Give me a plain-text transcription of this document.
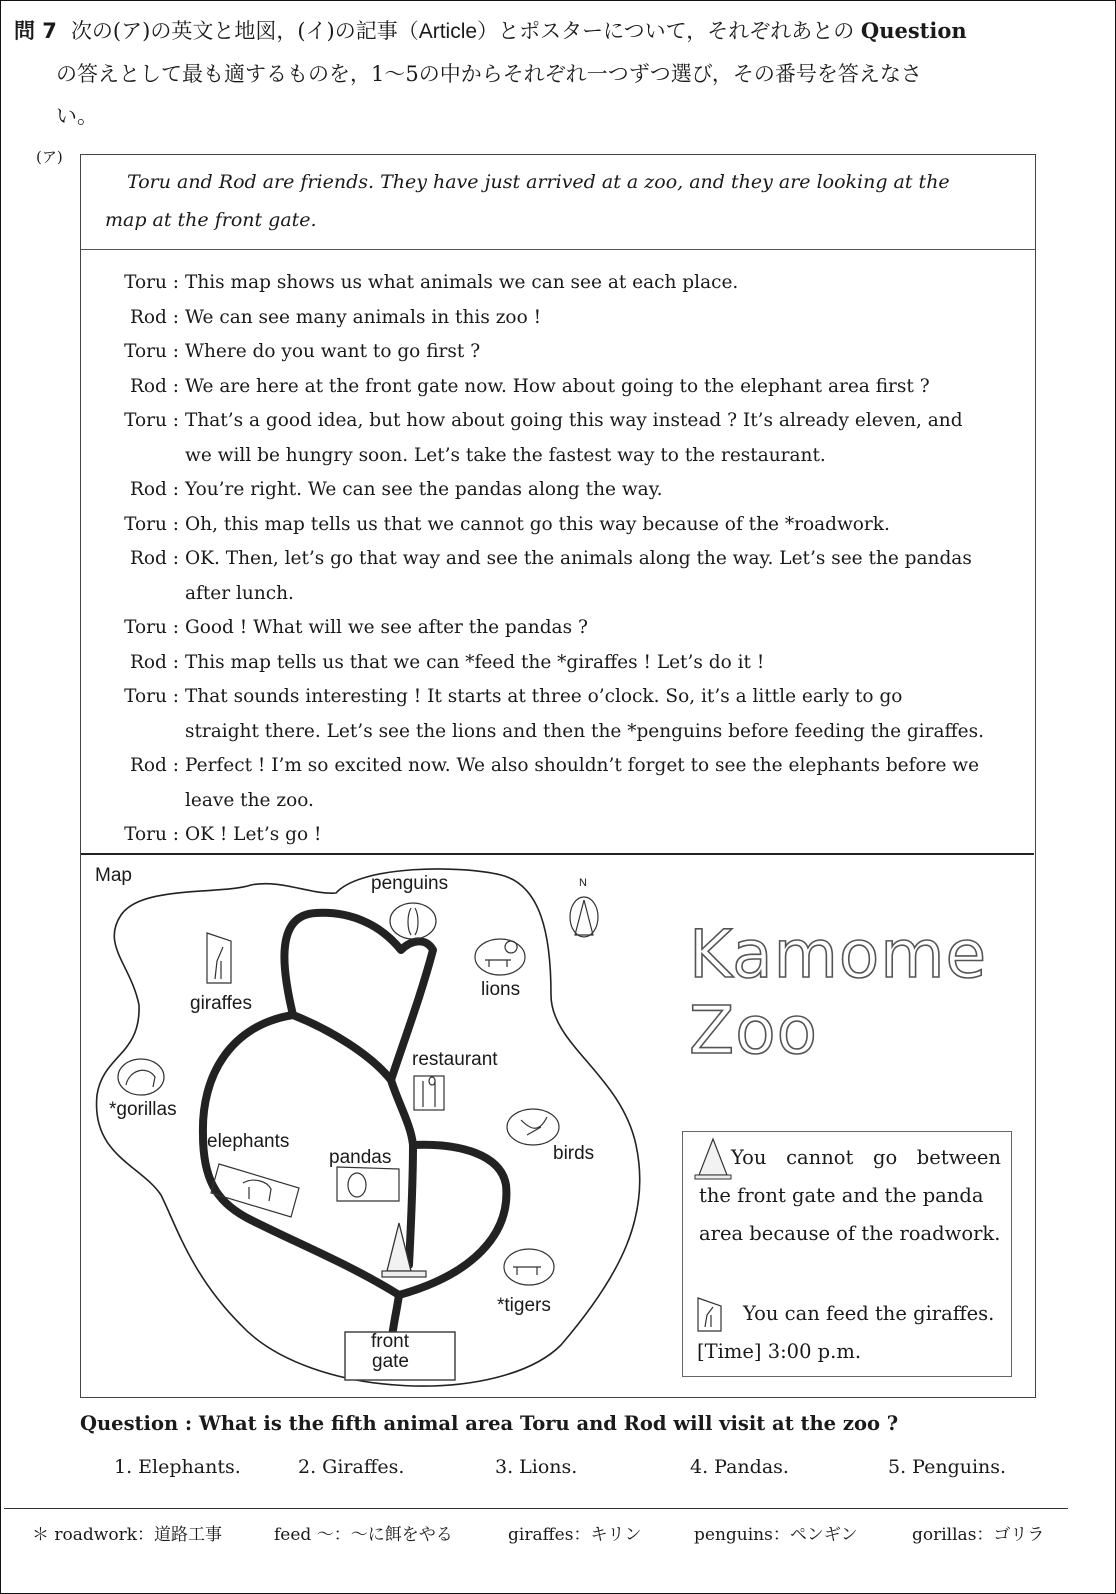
問 7 次の(ア)の英文と地図，(イ)の記事（Article）とポスターについて，それぞれあとの Question
の答えとして最も適するものを，1～5の中からそれぞれ一つずつ選び，その番号を答えなさ
い。
(ア)
Toru and Rod are friends. They have just arrived at a zoo, and they are looking at the
map at the front gate.
Toru : This map shows us what animals we can see at each place.
Rod : We can see many animals in this zoo !
Toru : Where do you want to go first ?
Rod : We are here at the front gate now. How about going to the elephant area first ?
Toru : That’s a good idea, but how about going this way instead ? It’s already eleven, and
we will be hungry soon. Let’s take the fastest way to the restaurant.
Rod : You’re right. We can see the pandas along the way.
Toru : Oh, this map tells us that we cannot go this way because of the *roadwork.
Rod : OK. Then, let’s go that way and see the animals along the way. Let’s see the pandas
after lunch.
Toru : Good ! What will we see after the pandas ?
Rod : This map tells us that we can *feed the *giraffes ! Let’s do it !
Toru : That sounds interesting ! It starts at three o’clock. So, it’s a little early to go
straight there. Let’s see the lions and then the *penguins before feeding the giraffes.
Rod : Perfect ! I’m so excited now. We also shouldn’t forget to see the elephants before we
leave the zoo.
Toru : OK ! Let’s go !
Map	N
penguins
lions
giraffes
restaurant
*gorillas
elephants
pandas	birds
*tigers
front
gate
Kamome
Zoo
You cannot go between
the front gate and the panda
area because of the roadwork.
You can feed the giraffes.
[Time] 3:00 p.m.
Question : What is the fifth animal area Toru and Rod will visit at the zoo ?
1. Elephants.	2. Giraffes.	3. Lions.	4. Pandas.	5. Penguins.
＊ roadwork：道路工事	feed ～：～に餌をやる	giraffes：キリン	penguins：ペンギン	gorillas：ゴリラ
